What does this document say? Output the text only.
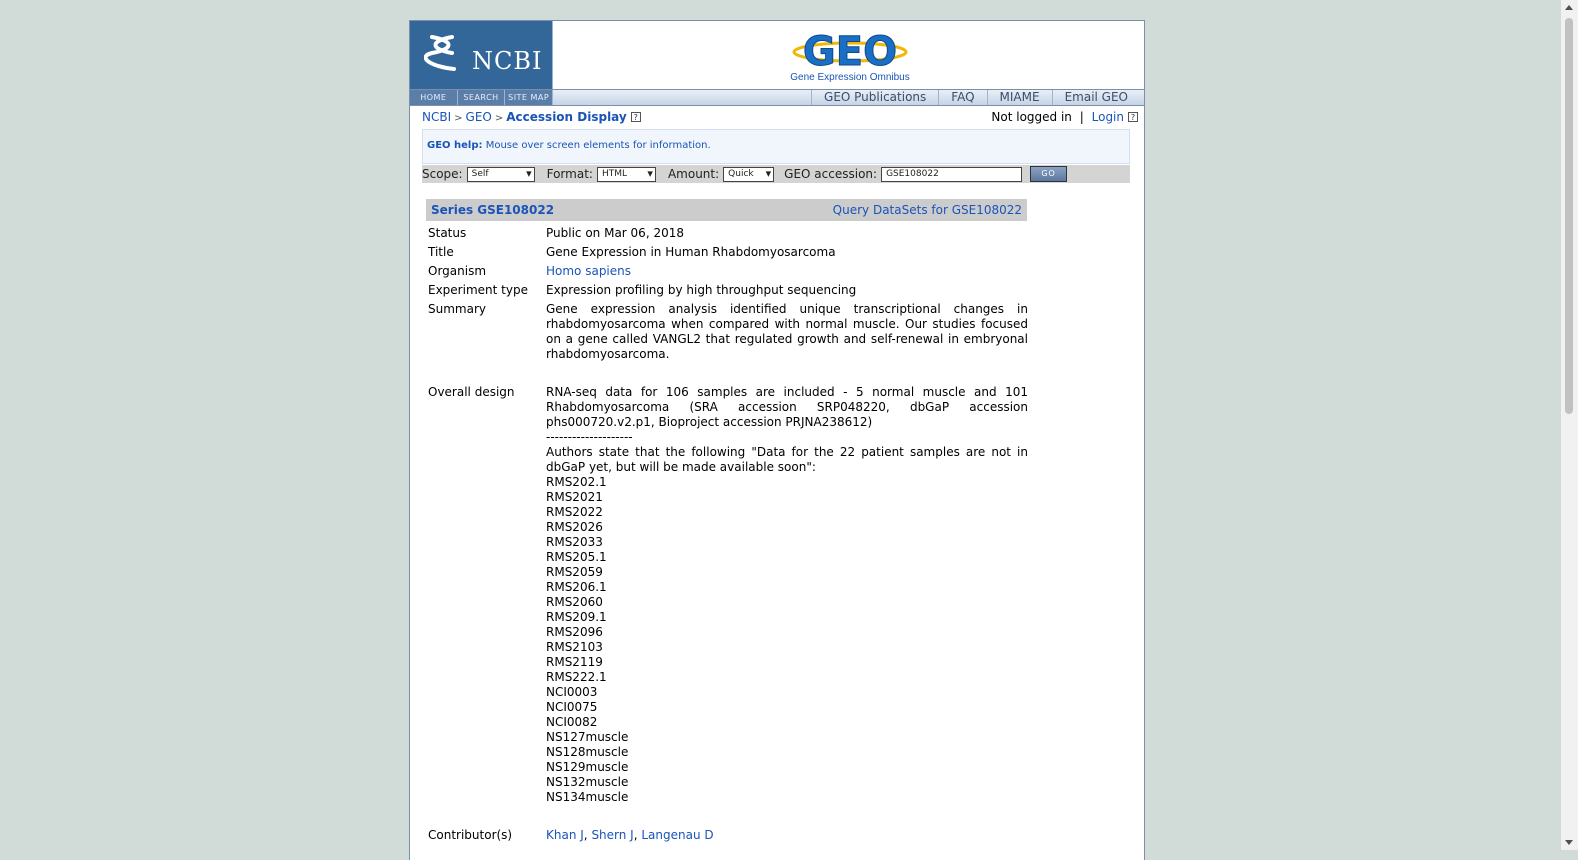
NCBI	GEO
Gene Expression Omnibus
HOME	SEARCH	SITE MAP	GEO Publications	FAQ	MIAME	Email GEO
NCBI > GEO > Accession Display ?	Not logged in | Login ?
GEO help: Mouse over screen elements for information.
Scope:	Self ▾	Format:	HTML ▾	Amount:	Quick ▾	GEO accession:	GSE108022	GO
Series GSE108022	Query DataSets for GSE108022
Status	Public on Mar 06, 2018
Title	Gene Expression in Human Rhabdomyosarcoma
Organism	Homo sapiens
Experiment type	Expression profiling by high throughput sequencing
Summary	Gene expression analysis identified unique transcriptional changes in rhabdomyosarcoma when compared with normal muscle. Our studies focused on a gene called VANGL2 that regulated growth and self-renewal in embryonal rhabdomyosarcoma.
Overall design	RNA-seq data for 106 samples are included - 5 normal muscle and 101 Rhabdomyosarcoma (SRA accession SRP048220, dbGaP accession phs000720.v2.p1, Bioproject accession PRJNA238612)
--------------------
Authors state that the following "Data for the 22 patient samples are not in dbGaP yet, but will be made available soon":
RMS202.1
RMS2021
RMS2022
RMS2026
RMS2033
RMS205.1
RMS2059
RMS206.1
RMS2060
RMS209.1
RMS2096
RMS2103
RMS2119
RMS222.1
NCI0003
NCI0075
NCI0082
NS127muscle
NS128muscle
NS129muscle
NS132muscle
NS134muscle
Contributor(s)	Khan J, Shern J, Langenau D
